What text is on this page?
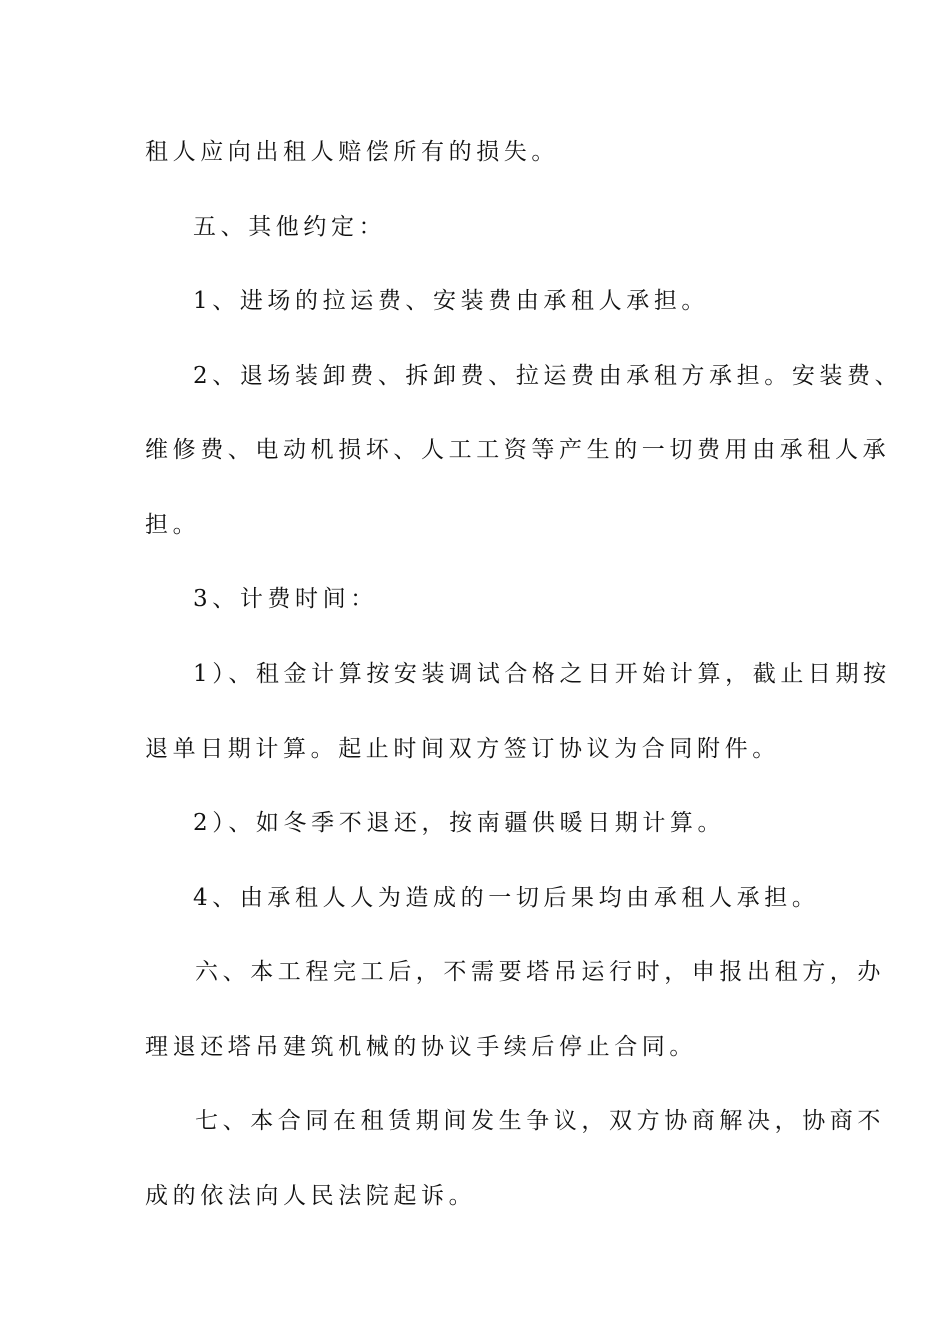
租人应向出租人赔偿所有的损失。
五、其他约定：
1、进场的拉运费、安装费由承租人承担。
2、退场装卸费、拆卸费、拉运费由承租方承担。安装费、
维修费、电动机损坏、人工工资等产生的一切费用由承租人承
担。
3、计费时间：
1）、租金计算按安装调试合格之日开始计算，截止日期按
退单日期计算。起止时间双方签订协议为合同附件。
2）、如冬季不退还，按南疆供暖日期计算。
4、由承租人人为造成的一切后果均由承租人承担。
六、本工程完工后，不需要塔吊运行时，申报出租方，办
理退还塔吊建筑机械的协议手续后停止合同。
七、本合同在租赁期间发生争议，双方协商解决，协商不
成的依法向人民法院起诉。
